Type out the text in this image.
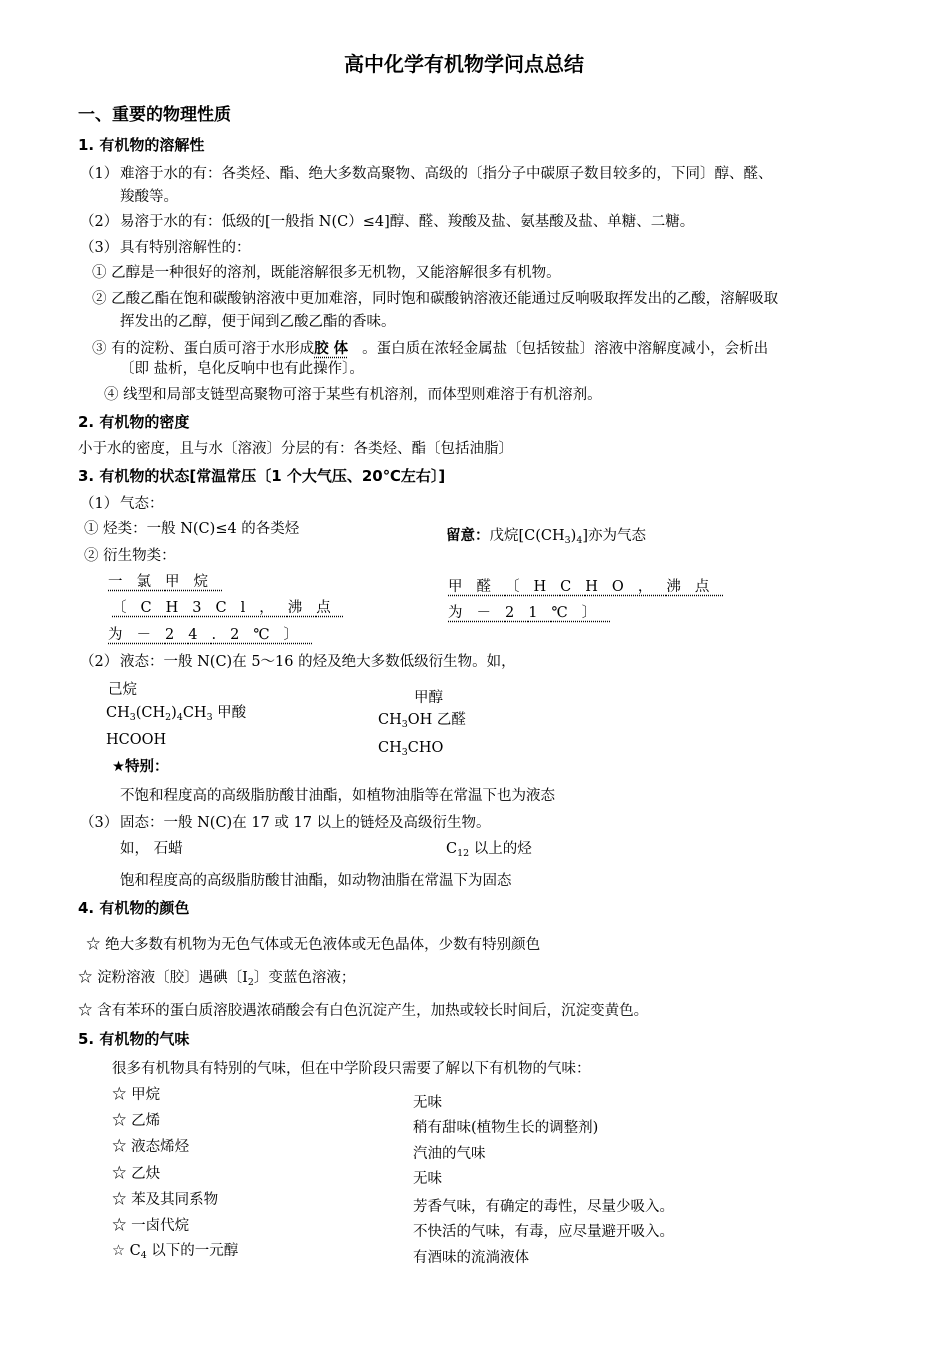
高中化学有机物学问点总结
一、重要的物理性质
1. 有机物的溶解性
（1） 难溶于水的有：各类烃、酯、绝大多数高聚物、高级的〔指分子中碳原子数目较多的，下同〕醇、醛、
羧酸等。
（2） 易溶于水的有：低级的[一般指 N(C）≤4]醇、醛、羧酸及盐、氨基酸及盐、单糖、二糖。
（3） 具有特别溶解性的：
① 乙醇是一种很好的溶剂，既能溶解很多无机物，又能溶解很多有机物。
② 乙酸乙酯在饱和碳酸钠溶液中更加难溶，同时饱和碳酸钠溶液还能通过反响吸取挥发出的乙酸，溶解吸取
挥发出的乙醇，便于闻到乙酸乙酯的香味。
③ 有的淀粉、蛋白质可溶于水形成胶 体 。蛋白质在浓轻金属盐〔包括铵盐〕溶液中溶解度减小，会析出
〔即 盐析，皂化反响中也有此操作〕。
④ 线型和局部支链型高聚物可溶于某些有机溶剂，而体型则难溶于有机溶剂。
2. 有机物的密度
小于水的密度，且与水〔溶液〕分层的有：各类烃、酯〔包括油脂〕
3. 有机物的状态[常温常压〔1 个大气压、20℃左右〕]
（1） 气态：
① 烃类：一般 N(C)≤4 的各类烃	留意：戊烷$[C(CH_3)_4]$亦为气态
② 衍生物类：
一氯甲烷
〔CH3Cl，沸点
为－24.2℃〕
甲醛〔HCHO，沸点
为－21℃〕
（2） 液态：一般 N(C)在 5～16 的烃及绝大多数低级衍生物。如，
己烷
$CH_3(CH_2)_4CH_3$ 甲酸
HCOOH
甲醇
$CH_3OH$ 乙醛
$CH_3CHO$
★特别：
不饱和程度高的高级脂肪酸甘油酯，如植物油脂等在常温下也为液态
（3） 固态：一般 N(C)在 17 或 17 以上的链烃及高级衍生物。
如， 石蜡	$C_{12}$ 以上的烃
饱和程度高的高级脂肪酸甘油酯，如动物油脂在常温下为固态
4. 有机物的颜色
☆ 绝大多数有机物为无色气体或无色液体或无色晶体，少数有特别颜色
☆ 淀粉溶液〔胶〕遇碘〔$I_2$〕变蓝色溶液；
☆ 含有苯环的蛋白质溶胶遇浓硝酸会有白色沉淀产生，加热或较长时间后，沉淀变黄色。
5. 有机物的气味
很多有机物具有特别的气味，但在中学阶段只需要了解以下有机物的气味：
☆ 甲烷
☆ 乙烯
☆ 液态烯烃
☆ 乙炔
☆ 苯及其同系物
☆ 一卤代烷
☆ $C_4$ 以下的一元醇
无味
稍有甜味(植物生长的调整剂)
汽油的气味
无味
芳香气味，有确定的毒性，尽量少吸入。
不快活的气味，有毒，应尽量避开吸入。
有酒味的流淌液体
